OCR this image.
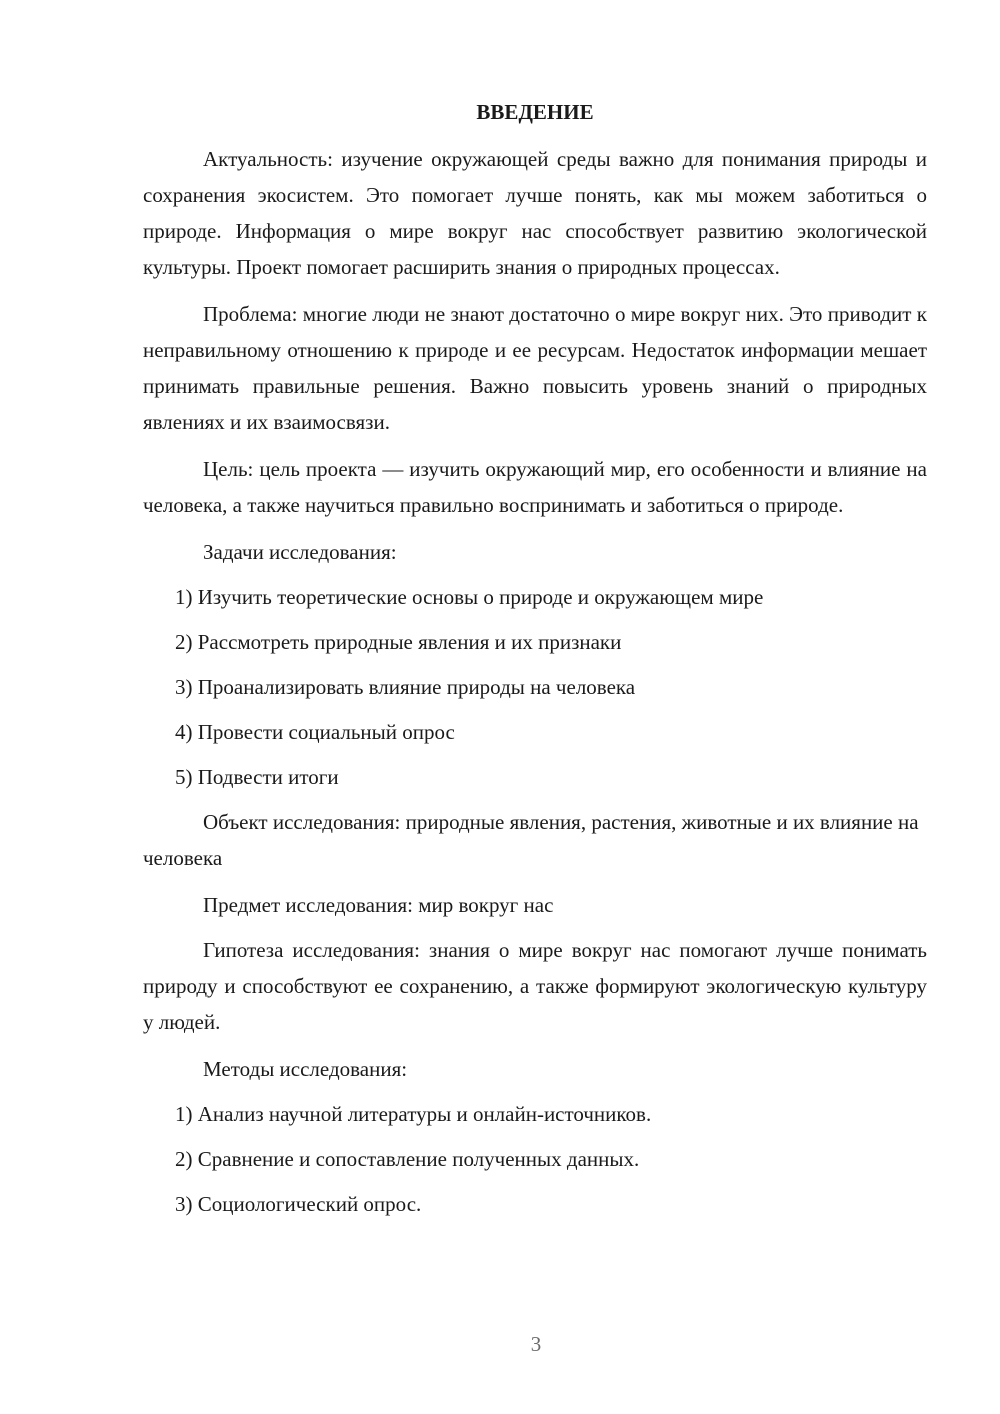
ВВЕДЕНИЕ

Актуальность: изучение окружающей среды важно для понимания природы и сохранения экосистем. Это помогает лучше понять, как мы можем заботиться о природе. Информация о мире вокруг нас способствует развитию экологической культуры. Проект помогает расширить знания о природных процессах.

Проблема: многие люди не знают достаточно о мире вокруг них. Это приводит к неправильному отношению к природе и ее ресурсам. Недостаток информации мешает принимать правильные решения. Важно повысить уровень знаний о природных явлениях и их взаимосвязи.

Цель: цель проекта — изучить окружающий мир, его особенности и влияние на человека, а также научиться правильно воспринимать и заботиться о природе.

Задачи исследования:

1) Изучить теоретические основы о природе и окружающем мире
2) Рассмотреть природные явления и их признаки
3) Проанализировать влияние природы на человека
4) Провести социальный опрос
5) Подвести итоги

Объект исследования: природные явления, растения, животные и их влияние на человека

Предмет исследования: мир вокруг нас

Гипотеза исследования: знания о мире вокруг нас помогают лучше понимать природу и способствуют ее сохранению, а также формируют экологическую культуру у людей.

Методы исследования:

1) Анализ научной литературы и онлайн-источников.
2) Сравнение и сопоставление полученных данных.
3) Социологический опрос.
3
